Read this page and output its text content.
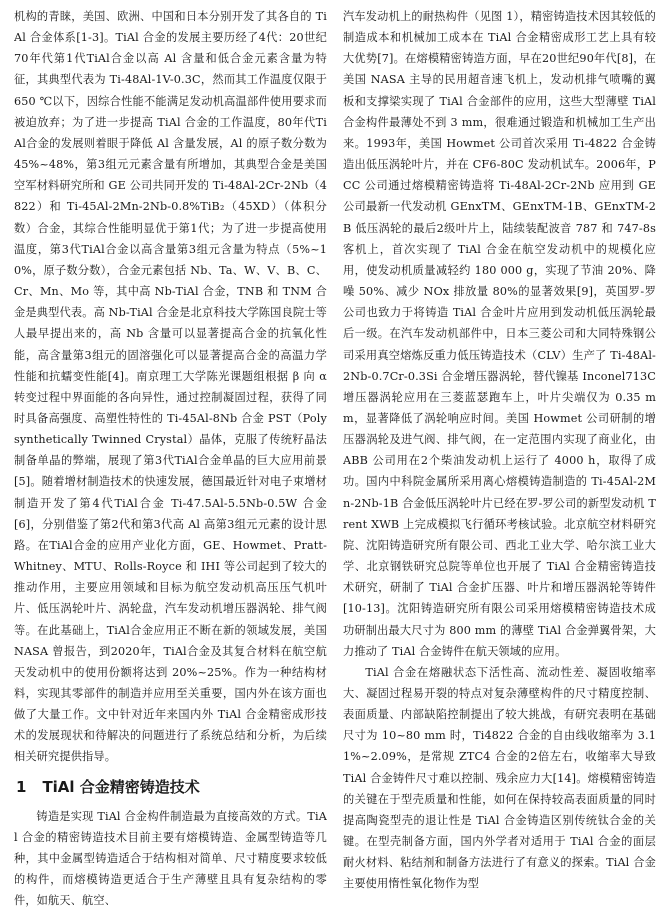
机构的青睐，美国、欧洲、中国和日本分别开发了其各自的 TiAl 合金体系[1-3]。TiAl 合金的发展主要历经了4代：20世纪70年代第1代TiAl合金以高 Al 含量和低合金元素含量为特征，其典型代表为 Ti-48Al-1V-0.3C，然而其工作温度仅限于 650 ℃以下，因综合性能不能满足发动机高温部件使用要求而被迫放弃；为了进一步提高 TiAl 合金的工作温度，80年代TiAl合金的发展则着眼于降低 Al 含量发展，Al 的原子数分数为45%~48%，第3组元元素含量有所增加，其典型合金是美国空军材料研究所和 GE 公司共同开发的 Ti-48Al-2Cr-2Nb（4822）和 Ti-45Al-2Mn-2Nb-0.8%TiB₂（45XD）（体积分数）合金，其综合性能明显优于第1代；为了进一步提高使用温度，第3代TiAl合金以高含量第3组元含量为特点（5%~10%，原子数分数），合金元素包括 Nb、Ta、W、V、B、C、Cr、Mn、Mo 等，其中高 Nb-TiAl 合金，TNB 和 TNM 合金是典型代表。高 Nb-TiAl 合金是北京科技大学陈国良院士等人最早提出来的，高 Nb 含量可以显著提高合金的抗氧化性能，高含量第3组元的固溶强化可以显著提高合金的高温力学性能和抗蠕变性能[4]。南京理工大学陈光课题组根据 β 向 α 转变过程中界面能的各向异性，通过控制凝固过程，获得了同时具备高强度、高塑性特性的 Ti-45Al-8Nb 合金 PST（Polysynthetically Twinned Crystal）晶体，克服了传统籽晶法制备单晶的弊端，展现了第3代TiAl合金单晶的巨大应用前景[5]。随着增材制造技术的快速发展，德国最近针对电子束增材制造开发了第4代TiAl合金 Ti-47.5Al-5.5Nb-0.5W 合金[6]，分别借鉴了第2代和第3代高 Al 高第3组元元素的设计思路。在TiAl合金的应用产业化方面，GE、Howmet、Pratt-Whitney、MTU、Rolls-Royce 和 IHI 等公司起到了较大的推动作用，主要应用领域和目标为航空发动机高压压气机叶片、低压涡轮叶片、涡轮盘，汽车发动机增压器涡轮、排气阀等。在此基础上，TiAl合金应用正不断在新的领域发展，美国 NASA 曾报告，到2020年，TiAl合金及其复合材料在航空航天发动机中的使用份额将达到 20%~25%。作为一种结构材料，实现其零部件的制造并应用至关重要，国内外在该方面也做了大量工作。文中针对近年来国内外 TiAl 合金精密成形技术的发展现状和待解决的问题进行了系统总结和分析，为后续相关研究提供指导。

1 TiAl 合金精密铸造技术

铸造是实现 TiAl 合金构件制造最为直接高效的方式。TiAl 合金的精密铸造技术目前主要有熔模铸造、金属型铸造等几种，其中金属型铸造适合于结构相对简单、尺寸精度要求较低的构件，而熔模铸造更适合于生产薄壁且具有复杂结构的零件，如航天、航空、

汽车发动机上的耐热构件（见图 1），精密铸造技术因其较低的制造成本和机械加工成本在 TiAl 合金精密成形工艺上具有较大优势[7]。在熔模精密铸造方面，早在20世纪90年代[8]，在美国 NASA 主导的民用超音速飞机上，发动机排气喷嘴的翼板和支撑梁实现了 TiAl 合金部件的应用，这些大型薄壁 TiAl 合金构件最薄处不到 3 mm，很难通过锻造和机械加工生产出来。1993年，美国 Howmet 公司首次采用 Ti-4822 合金铸造出低压涡轮叶片，并在 CF6-80C 发动机试车。2006年，PCC 公司通过熔模精密铸造将 Ti-48Al-2Cr-2Nb 应用到 GE 公司最新一代发动机 GEnxTM、GEnxTM-1B、GEnxTM-2B 低压涡轮的最后2级叶片上，陆续装配波音 787 和 747-8s 客机上，首次实现了 TiAl 合金在航空发动机中的规模化应用，使发动机质量减轻约 180 000 g，实现了节油 20%、降噪 50%、减少 NOx 排放量 80%的显著效果[9]，英国罗-罗公司也致力于将铸造 TiAl 合金叶片应用到发动机低压涡轮最后一级。在汽车发动机部件中，日本三菱公司和大同特殊钢公司采用真空熔炼反重力低压铸造技术（CLV）生产了 Ti-48Al-2Nb-0.7Cr-0.3Si 合金增压器涡轮，替代镍基 Inconel713C 增压器涡轮应用在三菱蓝瑟跑车上，叶片尖端仅为 0.35 mm，显著降低了涡轮响应时间。美国 Howmet 公司研制的增压器涡轮及进气阀、排气阀，在一定范围内实现了商业化，由 ABB 公司用在2个柴油发动机上运行了 4000 h，取得了成功。国内中科院金属所采用离心熔模铸造制造的 Ti-45Al-2Mn-2Nb-1B 合金低压涡轮叶片已经在罗-罗公司的新型发动机 Trent XWB 上完成模拟飞行循环考核试验。北京航空材料研究院、沈阳铸造研究所有限公司、西北工业大学、哈尔滨工业大学、北京钢铁研究总院等单位也开展了 TiAl 合金精密铸造技术研究，研制了 TiAl 合金扩压器、叶片和增压器涡轮等铸件[10-13]。沈阳铸造研究所有限公司采用熔模精密铸造技术成功研制出最大尺寸为 800 mm 的薄壁 TiAl 合金弹翼骨架，大力推动了 TiAl 合金铸件在航天领域的应用。

TiAl 合金在熔融状态下活性高、流动性差、凝固收缩率大、凝固过程易开裂的特点对复杂薄壁构件的尺寸精度控制、表面质量、内部缺陷控制提出了较大挑战，有研究表明在基础尺寸为 10~80 mm 时，Ti4822 合金的自由线收缩率为 3.11%~2.09%，是常规 ZTC4 合金的2倍左右，收缩率大导致 TiAl 合金铸件尺寸难以控制、残余应力大[14]。熔模精密铸造的关键在于型壳质量和性能，如何在保持较高表面质量的同时提高陶瓷型壳的退让性是 TiAl 合金铸造区别传统钛合金的关键。在型壳制备方面，国内外学者对适用于 TiAl 合金的面层耐火材料、粘结剂和制备方法进行了有意义的探索。TiAl 合金主要使用惰性氧化物作为型
